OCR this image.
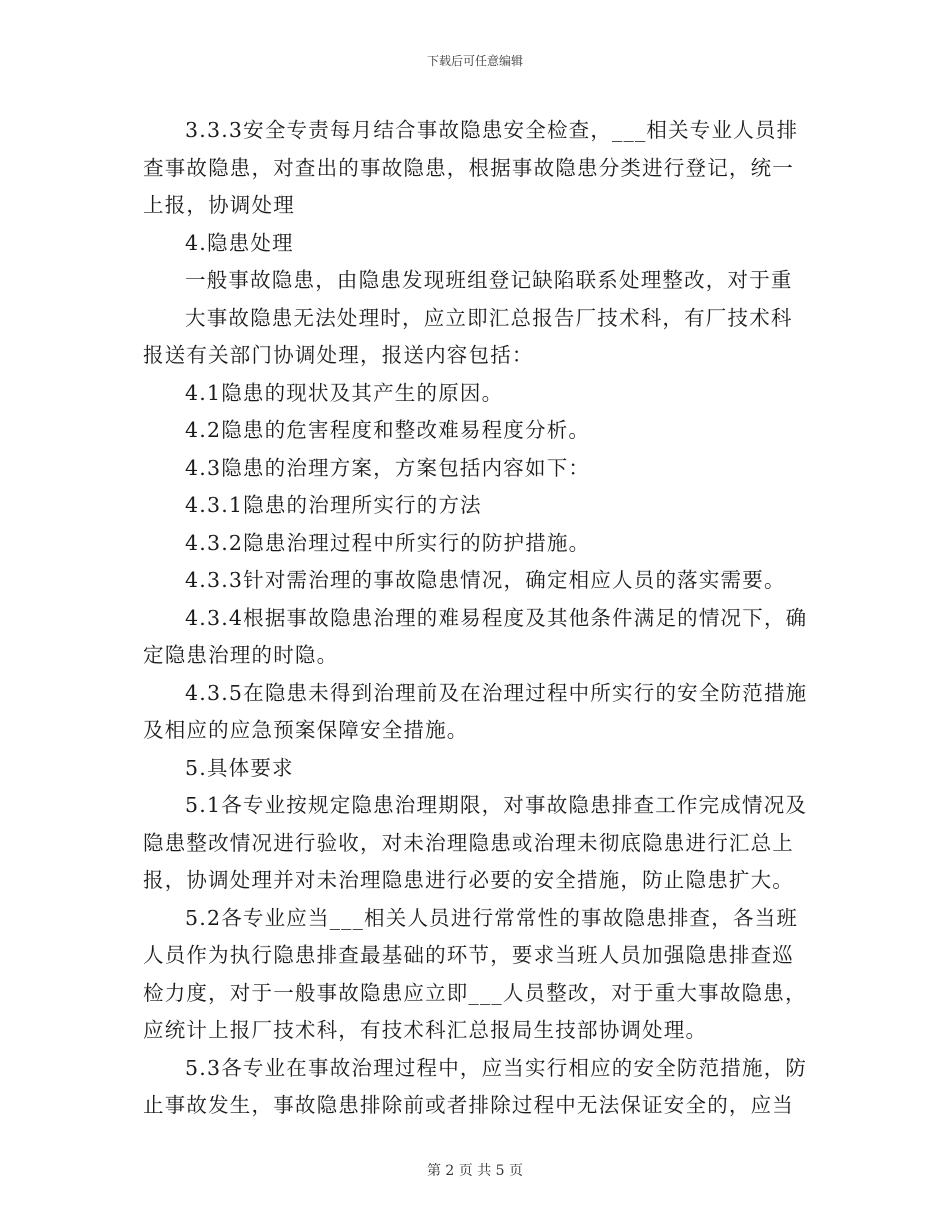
下载后可任意编辑
3.3.3安全专责每月结合事故隐患安全检查，___相关专业人员排
查事故隐患，对查出的事故隐患，根据事故隐患分类进行登记，统一
上报，协调处理
4.隐患处理
一般事故隐患，由隐患发现班组登记缺陷联系处理整改，对于重
大事故隐患无法处理时，应立即汇总报告厂技术科，有厂技术科
报送有关部门协调处理，报送内容包括：
4.1隐患的现状及其产生的原因。
4.2隐患的危害程度和整改难易程度分析。
4.3隐患的治理方案，方案包括内容如下：
4.3.1隐患的治理所实行的方法
4.3.2隐患治理过程中所实行的防护措施。
4.3.3针对需治理的事故隐患情况，确定相应人员的落实需要。
4.3.4根据事故隐患治理的难易程度及其他条件满足的情况下，确
定隐患治理的时隐。
4.3.5在隐患未得到治理前及在治理过程中所实行的安全防范措施
及相应的应急预案保障安全措施。
5.具体要求
5.1各专业按规定隐患治理期限，对事故隐患排查工作完成情况及
隐患整改情况进行验收，对未治理隐患或治理未彻底隐患进行汇总上
报，协调处理并对未治理隐患进行必要的安全措施，防止隐患扩大。
5.2各专业应当___相关人员进行常常性的事故隐患排查，各当班
人员作为执行隐患排查最基础的环节，要求当班人员加强隐患排查巡
检力度，对于一般事故隐患应立即___人员整改，对于重大事故隐患，
应统计上报厂技术科，有技术科汇总报局生技部协调处理。
5.3各专业在事故治理过程中，应当实行相应的安全防范措施，防
止事故发生，事故隐患排除前或者排除过程中无法保证安全的，应当
第 2 页 共 5 页
